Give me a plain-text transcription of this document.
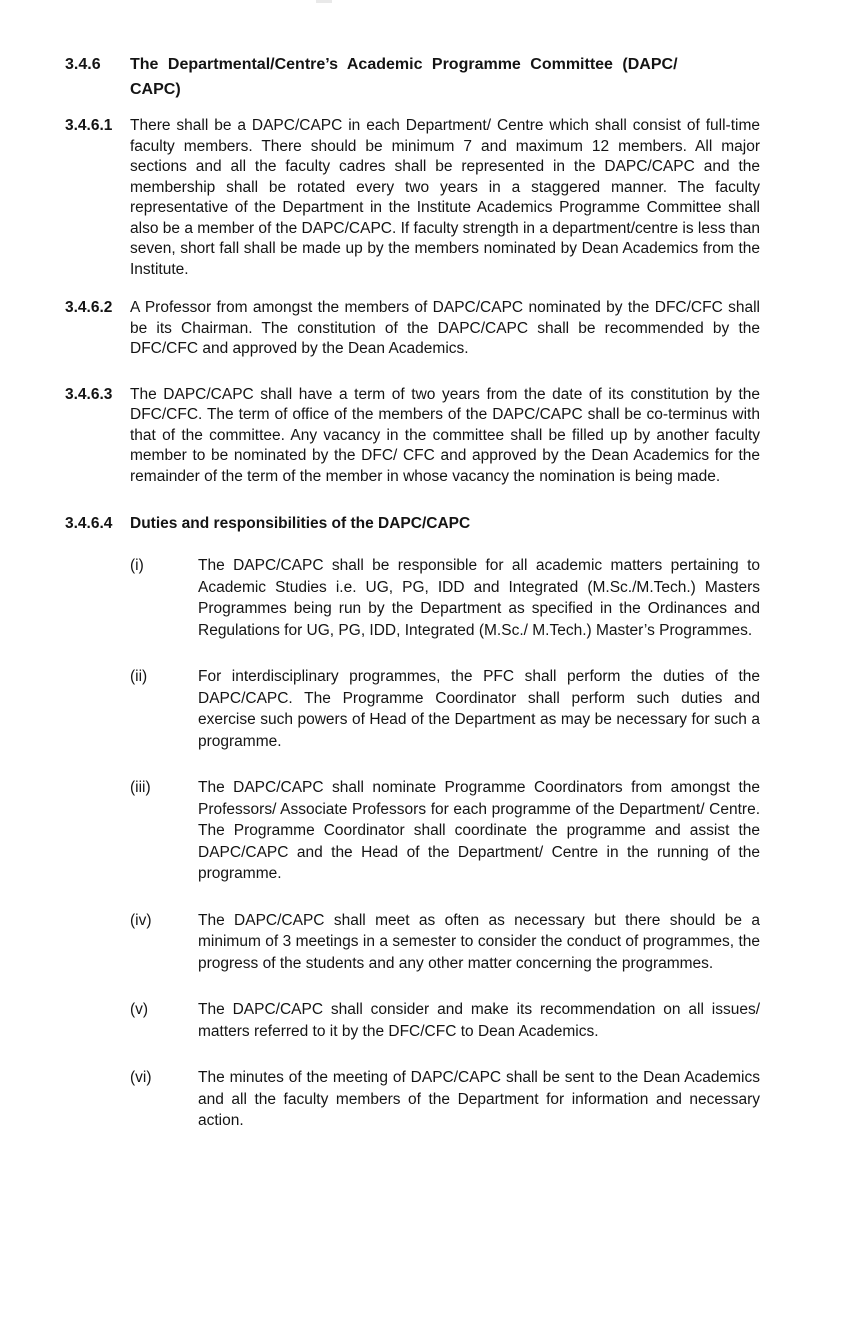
3.4.6	The Departmental/Centre’s Academic Programme Committee (DAPC/
CAPC)
3.4.6.1	There shall be a DAPC/CAPC in each Department/ Centre which shall consist of full-time faculty members. There should be minimum 7 and maximum 12 members. All major sections and all the faculty cadres shall be represented in the DAPC/CAPC and the membership shall be rotated every two years in a staggered manner. The faculty representative of the Department in the Institute Academics Programme Committee shall also be a member of the DAPC/CAPC. If faculty strength in a department/centre is less than seven, short fall shall be made up by the members nominated by Dean Academics from the Institute.

3.4.6.2	A Professor from amongst the members of DAPC/CAPC nominated by the DFC/CFC shall be its Chairman. The constitution of the DAPC/CAPC shall be recommended by the DFC/CFC and approved by the Dean Academics.

3.4.6.3	The DAPC/CAPC shall have a term of two years from the date of its constitution by the DFC/CFC. The term of office of the members of the DAPC/CAPC shall be co-terminus with that of the committee. Any vacancy in the committee shall be filled up by another faculty member to be nominated by the DFC/ CFC and approved by the Dean Academics for the remainder of the term of the member in whose vacancy the nomination is being made.

3.4.6.4	Duties and responsibilities of the DAPC/CAPC
(i)	The DAPC/CAPC shall be responsible for all academic matters pertaining to Academic Studies i.e. UG, PG, IDD and Integrated (M.Sc./M.Tech.) Masters Programmes being run by the Department as specified in the Ordinances and Regulations for UG, PG, IDD, Integrated (M.Sc./ M.Tech.) Master’s Programmes.

(ii)	For interdisciplinary programmes, the PFC shall perform the duties of the DAPC/CAPC. The Programme Coordinator shall perform such duties and exercise such powers of Head of the Department as may be necessary for such a programme.

(iii)	The DAPC/CAPC shall nominate Programme Coordinators from amongst the Professors/ Associate Professors for each programme of the Department/ Centre. The Programme Coordinator shall coordinate the programme and assist the DAPC/CAPC and the Head of the Department/ Centre in the running of the programme.

(iv)	The DAPC/CAPC shall meet as often as necessary but there should be a minimum of 3 meetings in a semester to consider the conduct of programmes, the progress of the students and any other matter concerning the programmes.

(v)	The DAPC/CAPC shall consider and make its recommendation on all issues/ matters referred to it by the DFC/CFC to Dean Academics.

(vi)	The minutes of the meeting of DAPC/CAPC shall be sent to the Dean Academics and all the faculty members of the Department for information and necessary action.
